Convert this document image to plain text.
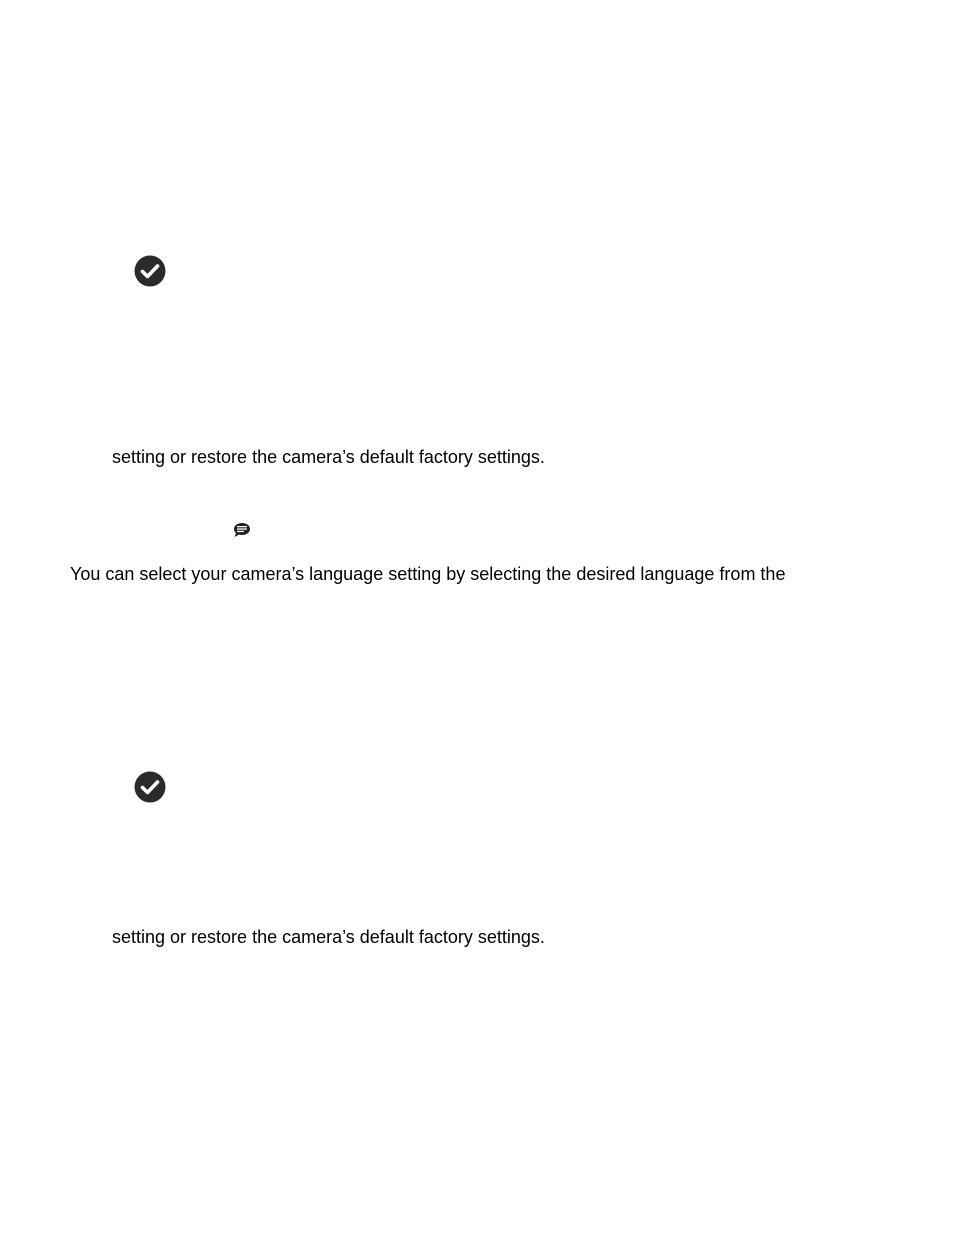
setting or restore the camera’s default factory settings.
You can select your camera’s language setting by selecting the desired language from the
setting or restore the camera’s default factory settings.
